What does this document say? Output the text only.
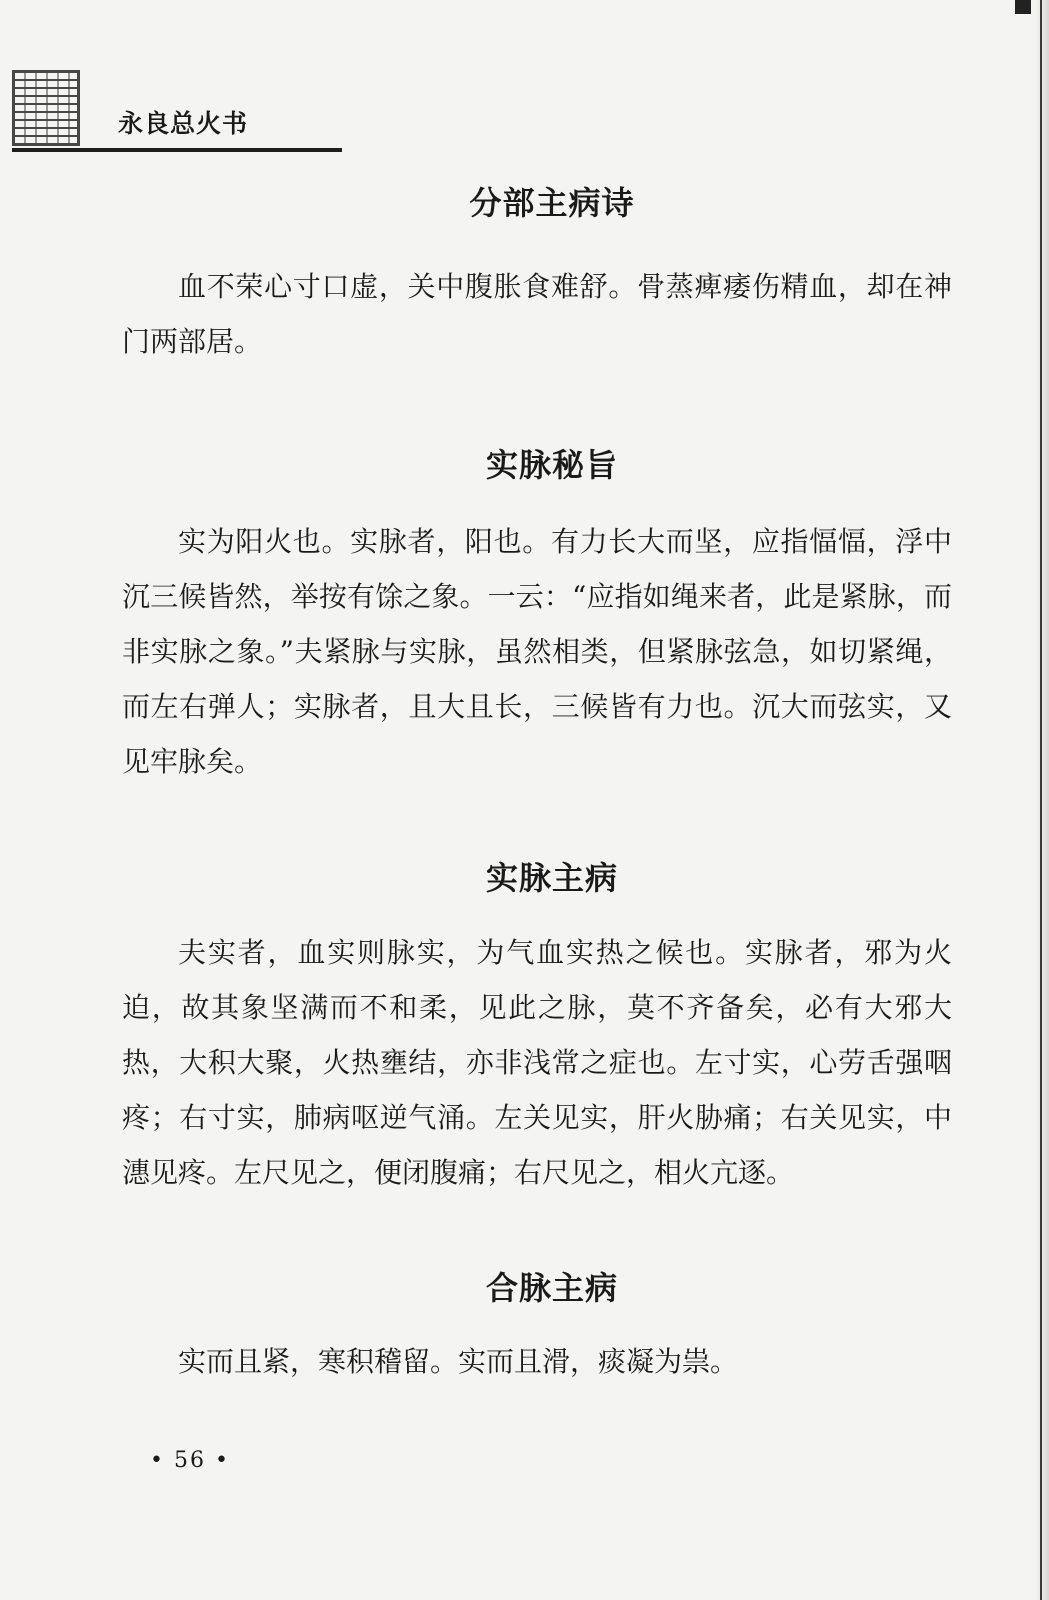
永良总火书
分部主病诗

血不荣心寸口虚，关中腹胀食难舒。骨蒸痺痿伤精血，却在神门两部居。

实脉秘旨

实为阳火也。实脉者，阳也。有力长大而坚，应指愊愊，浮中沉三候皆然，举按有馀之象。一云：“应指如绳来者，此是紧脉，而非实脉之象。”夫紧脉与实脉，虽然相类，但紧脉弦急，如切紧绳，而左右弹人；实脉者，且大且长，三候皆有力也。沉大而弦实，又见牢脉矣。

实脉主病

夫实者，血实则脉实，为气血实热之候也。实脉者，邪为火迫，故其象坚满而不和柔，见此之脉，莫不齐备矣，必有大邪大热，大积大聚，火热壅结，亦非浅常之症也。左寸实，心劳舌强咽疼；右寸实，肺病呕逆气涌。左关见实，肝火胁痛；右关见实，中潓见疼。左尺见之，便闭腹痛；右尺见之，相火亢逐。

合脉主病

实而且紧，寒积稽留。实而且滑，痰凝为祟。

• 56 •
